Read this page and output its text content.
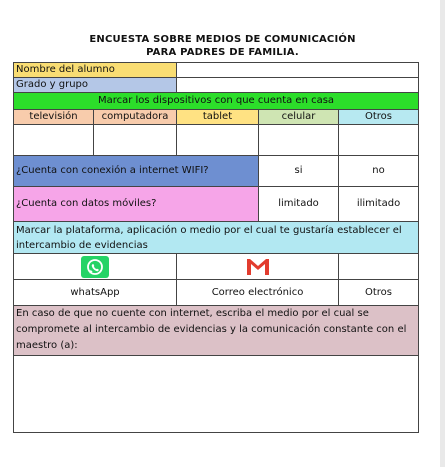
ENCUESTA SOBRE MEDIOS DE COMUNICACIÓN
PARA PADRES DE FAMILIA.
Nombre del alumno				
Grado y grupo				
Marcar los dispositivos con que cuenta en casa				
televisión	computadora	tablet	celular	Otros

¿Cuenta con conexión a internet WIFI?			si	no
¿Cuenta con datos móviles?			limitado	ilimitado
Marcar la plataforma, aplicación o medio por el cual te gustaría establecer el intercambio de evidencias				

whatsApp		Correo electrónico		Otros
En caso de que no cuente con internet, escriba el medio por el cual se compromete al intercambio de evidencias y la comunicación constante con el maestro (a):				
